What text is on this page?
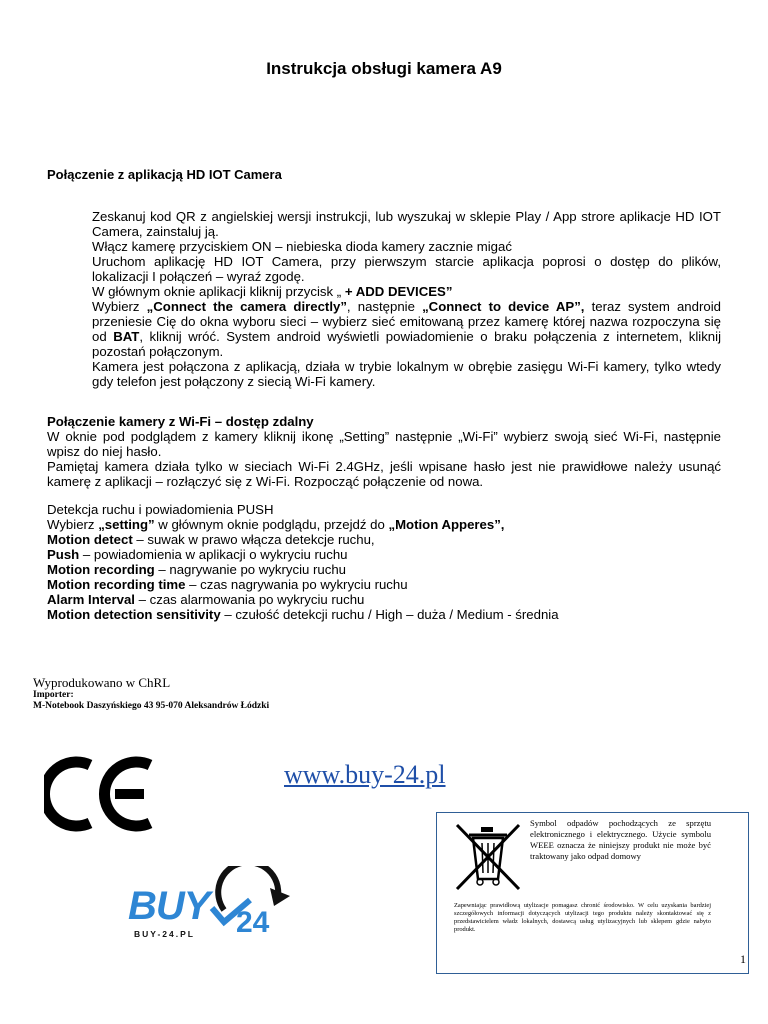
Instrukcja obsługi kamera A9
Połączenie z aplikacją HD IOT Camera
Zeskanuj kod QR z angielskiej wersji instrukcji, lub wyszukaj w sklepie Play / App strore aplikacje HD IOT
Camera, zainstaluj ją.
Włącz kamerę przyciskiem ON – niebieska dioda kamery zacznie migać
Uruchom aplikację HD IOT Camera, przy pierwszym starcie aplikacja poprosi o dostęp do plików,
lokalizacji I połączeń – wyraź zgodę.
W głównym oknie aplikacji kliknij przycisk „ + ADD DEVICES”
Wybierz „Connect the camera directly”, następnie „Connect to device AP”, teraz system android
przeniesie Cię do okna wyboru sieci – wybierz sieć emitowaną przez kamerę której nazwa rozpoczyna się
od BAT, kliknij wróć. System android wyświetli powiadomienie o braku połączenia z internetem, kliknij
pozostań połączonym.
Kamera jest połączona z aplikacją, działa w trybie lokalnym w obrębie zasięgu Wi-Fi kamery, tylko wtedy
gdy telefon jest połączony z siecią Wi-Fi kamery.
Połączenie kamery z Wi-Fi – dostęp zdalny
W oknie pod podglądem z kamery kliknij ikonę „Setting” następnie „Wi-Fi” wybierz swoją sieć Wi-Fi, następnie
wpisz do niej hasło.
Pamiętaj kamera działa tylko w sieciach Wi-Fi 2.4GHz, jeśli wpisane hasło jest nie prawidłowe należy usunąć
kamerę z aplikacji – rozłączyć się z Wi-Fi. Rozpocząć połączenie od nowa.
Detekcja ruchu i powiadomienia PUSH
Wybierz „setting” w głównym oknie podglądu, przejdź do „Motion Apperes”,
Motion detect – suwak w prawo włącza detekcje ruchu,
Push – powiadomienia w aplikacji o wykryciu ruchu
Motion recording – nagrywanie po wykryciu ruchu
Motion recording time – czas nagrywania po wykryciu ruchu
Alarm Interval – czas alarmowania po wykryciu ruchu
Motion detection sensitivity – czułość detekcji ruchu / High – duża / Medium - średnia
Wyprodukowano w ChRL
Importer:
M-Notebook Daszyńskiego 43 95-070 Aleksandrów Łódzki
www.buy-24.pl
BUY 24
BUY-24.PL
Symbol odpadów pochodzących ze sprzętu elektronicznego i elektrycznego. Użycie symbolu WEEE oznacza że niniejszy produkt nie może być traktowany jako odpad domowy
Zapewniając prawidłową utylizacje pomagasz chronić środowisko. W celu uzyskania bardziej szczegółowych informacji dotyczących utylizacji tego produktu należy skontaktować się z przedstawicielem władz lokalnych, dostawcą usług utylizacyjnych lub sklepem gdzie nabyto produkt.
1
